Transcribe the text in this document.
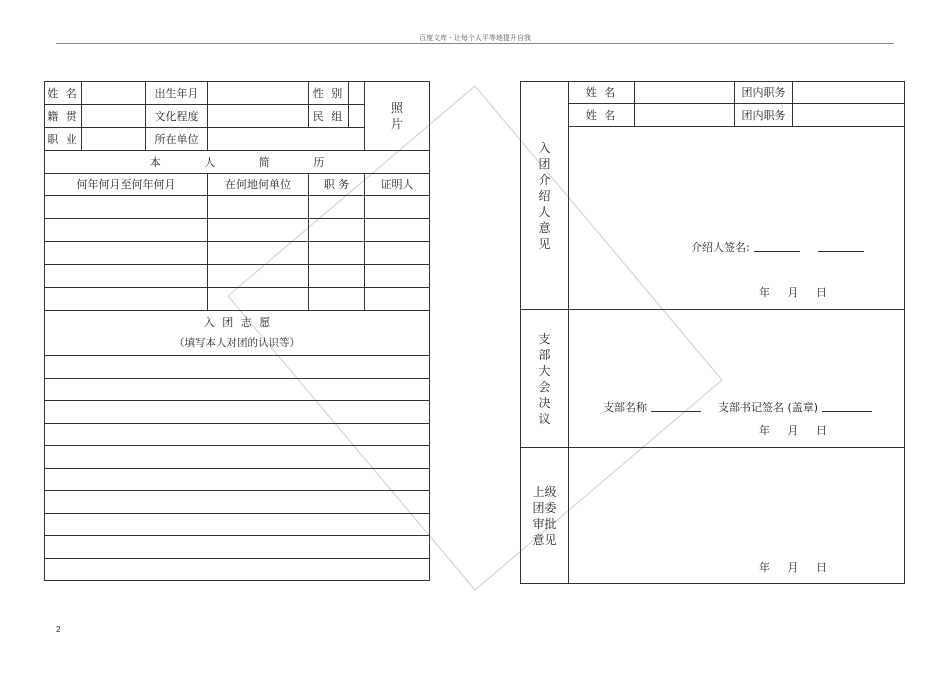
百度文库 - 让每个人平等地提升自我
姓 名		出生年月		性 别		照 片

籍 贯		文化程度		民 组		
职 业		所在单位				
本 人 简 历						
何年何月至何年何月			在何地何单位	职 务		证明人

入 团 志 愿
（填写本人对团的认识等）						

入团介绍人意见	姓 名		团内职务	
	姓 名		团内职务	

	介绍人签名:
年 月 日			

支部大会决议	支部名称 支部书记签名 (盖章)
年 月 日			

上级团委审批意见	年 月 日			
2
